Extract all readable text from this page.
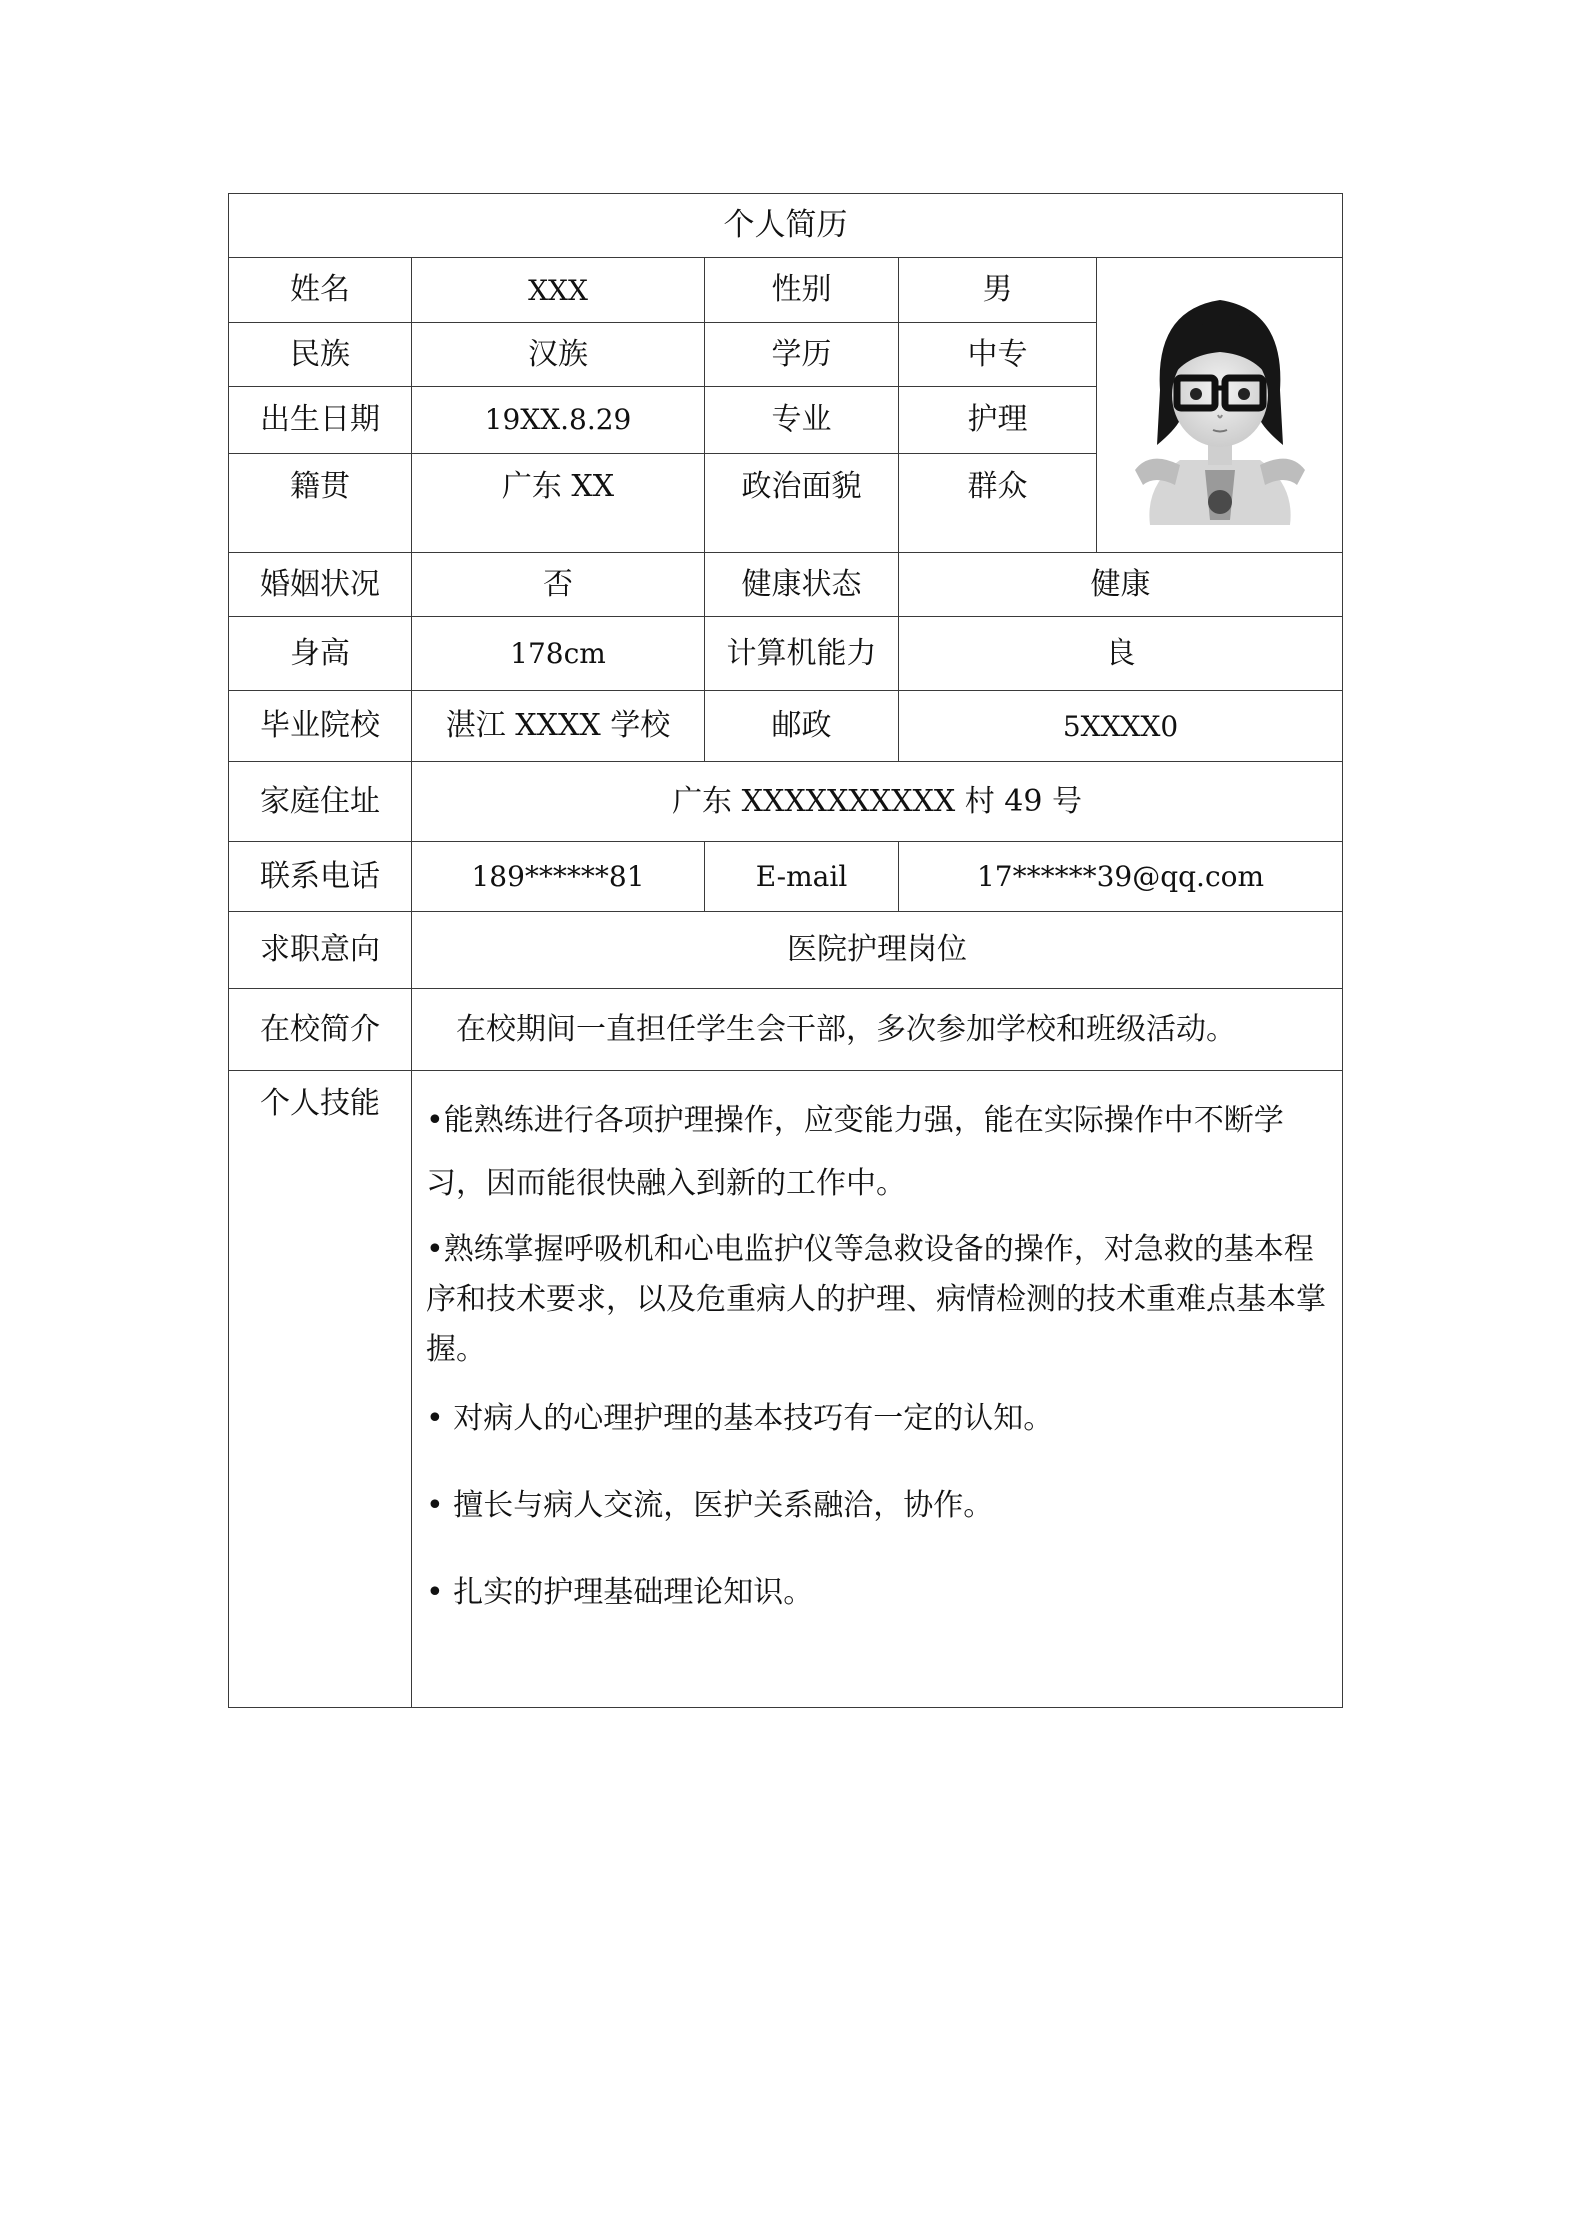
个人简历				
姓名	XXX	性别	男	

民族	汉族	学历	中专	
出生日期	19XX.8.29	专业	护理	
籍贯	广东 XX	政治面貌	群众	
婚姻状况	否	健康状态	健康	
身高	178cm	计算机能力	良	
毕业院校	湛江 XXXX 学校	邮政	5XXXX0	
家庭住址	广东 XXXXXXXXXX 村 49 号			
联系电话	189******81	E-mail	17******39@qq.com	
求职意向	医院护理岗位			
在校简介	在校期间一直担任学生会干部，多次参加学校和班级活动。			
个人技能	•能熟练进行各项护理操作，应变能力强，能在实际操作中不断学习，因而能很快融入到新的工作中。
•熟练掌握呼吸机和心电监护仪等急救设备的操作，对急救的基本程序和技术要求，以及危重病人的护理、病情检测的技术重难点基本掌握。
• 对病人的心理护理的基本技巧有一定的认知。
• 擅长与病人交流，医护关系融洽，协作。
• 扎实的护理基础理论知识。			
